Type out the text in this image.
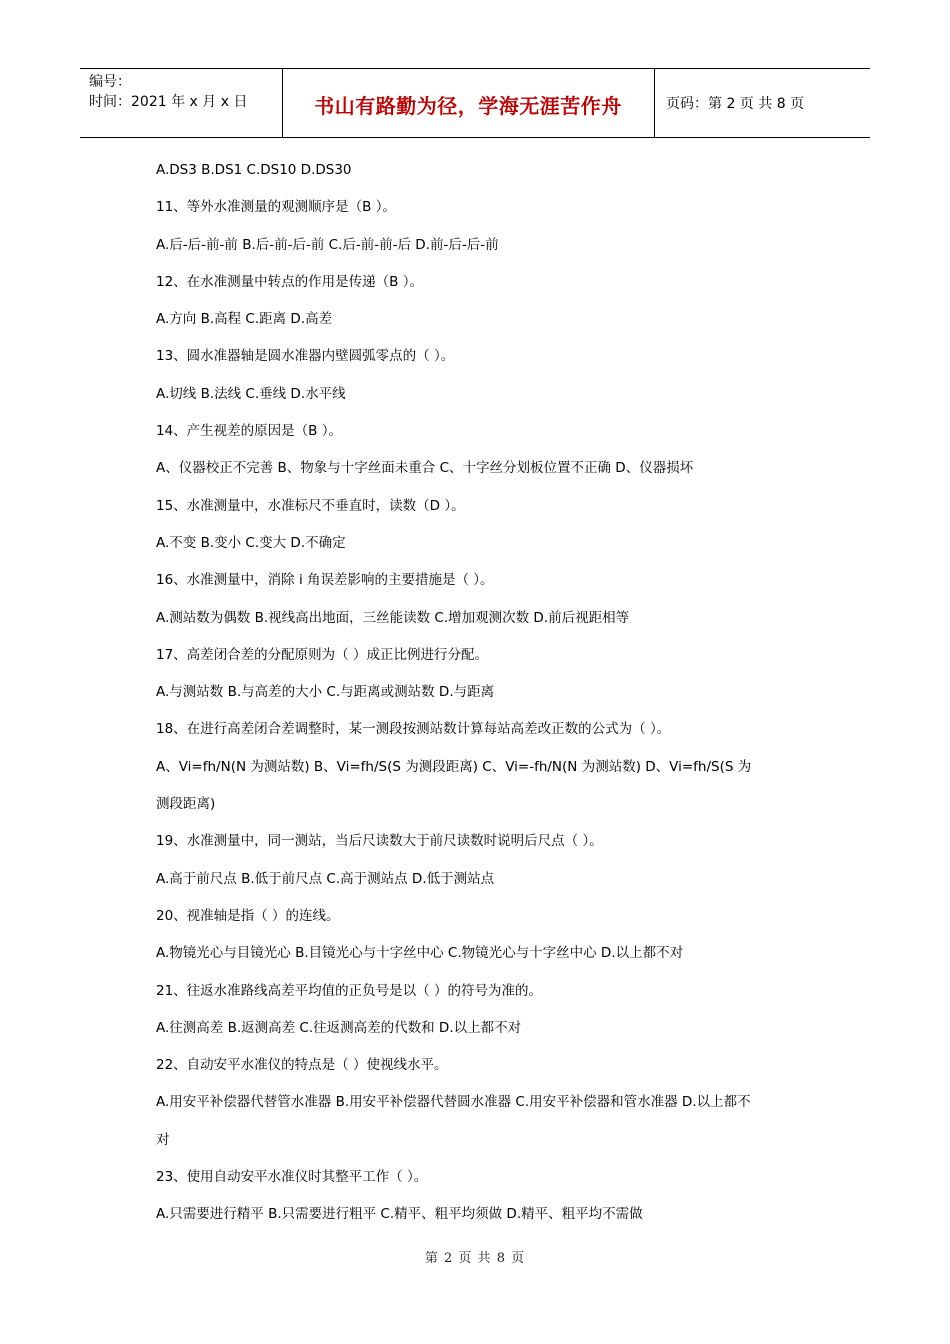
编号：
时间：2021 年 x 月 x 日	书山有路勤为径，学海无涯苦作舟	页码：第 2 页 共 8 页
A.DS3 B.DS1 C.DS10 D.DS30
11、等外水准测量的观测顺序是（B ）。
A.后-后-前-前 B.后-前-后-前 C.后-前-前-后 D.前-后-后-前
12、在水准测量中转点的作用是传递（B ）。
A.方向 B.高程 C.距离 D.高差
13、圆水准器轴是圆水准器内壁圆弧零点的（ ）。
A.切线 B.法线 C.垂线 D.水平线
14、产生视差的原因是（B ）。
A、仪器校正不完善 B、物象与十字丝面未重合 C、十字丝分划板位置不正确 D、仪器损坏
15、水准测量中，水准标尺不垂直时，读数（D ）。
A.不变 B.变小 C.变大 D.不确定
16、水准测量中，消除 i 角误差影响的主要措施是（ ）。
A.测站数为偶数 B.视线高出地面，三丝能读数 C.增加观测次数 D.前后视距相等
17、高差闭合差的分配原则为（ ）成正比例进行分配。
A.与测站数 B.与高差的大小 C.与距离或测站数 D.与距离
18、在进行高差闭合差调整时，某一测段按测站数计算每站高差改正数的公式为（ ）。
A、Vi=fh/N(N 为测站数) B、Vi=fh/S(S 为测段距离) C、Vi=-fh/N(N 为测站数) D、Vi=fh/S(S 为
测段距离)
19、水准测量中，同一测站，当后尺读数大于前尺读数时说明后尺点（ ）。
A.高于前尺点 B.低于前尺点 C.高于测站点 D.低于测站点
20、视准轴是指（ ）的连线。
A.物镜光心与目镜光心 B.目镜光心与十字丝中心 C.物镜光心与十字丝中心 D.以上都不对
21、往返水准路线高差平均值的正负号是以（ ）的符号为准的。
A.往测高差 B.返测高差 C.往返测高差的代数和 D.以上都不对
22、自动安平水准仪的特点是（ ）使视线水平。
A.用安平补偿器代替管水准器 B.用安平补偿器代替圆水准器 C.用安平补偿器和管水准器 D.以上都不
对
23、使用自动安平水准仪时其整平工作（ ）。
A.只需要进行精平 B.只需要进行粗平 C.精平、粗平均须做 D.精平、粗平均不需做
第 2 页 共 8 页
